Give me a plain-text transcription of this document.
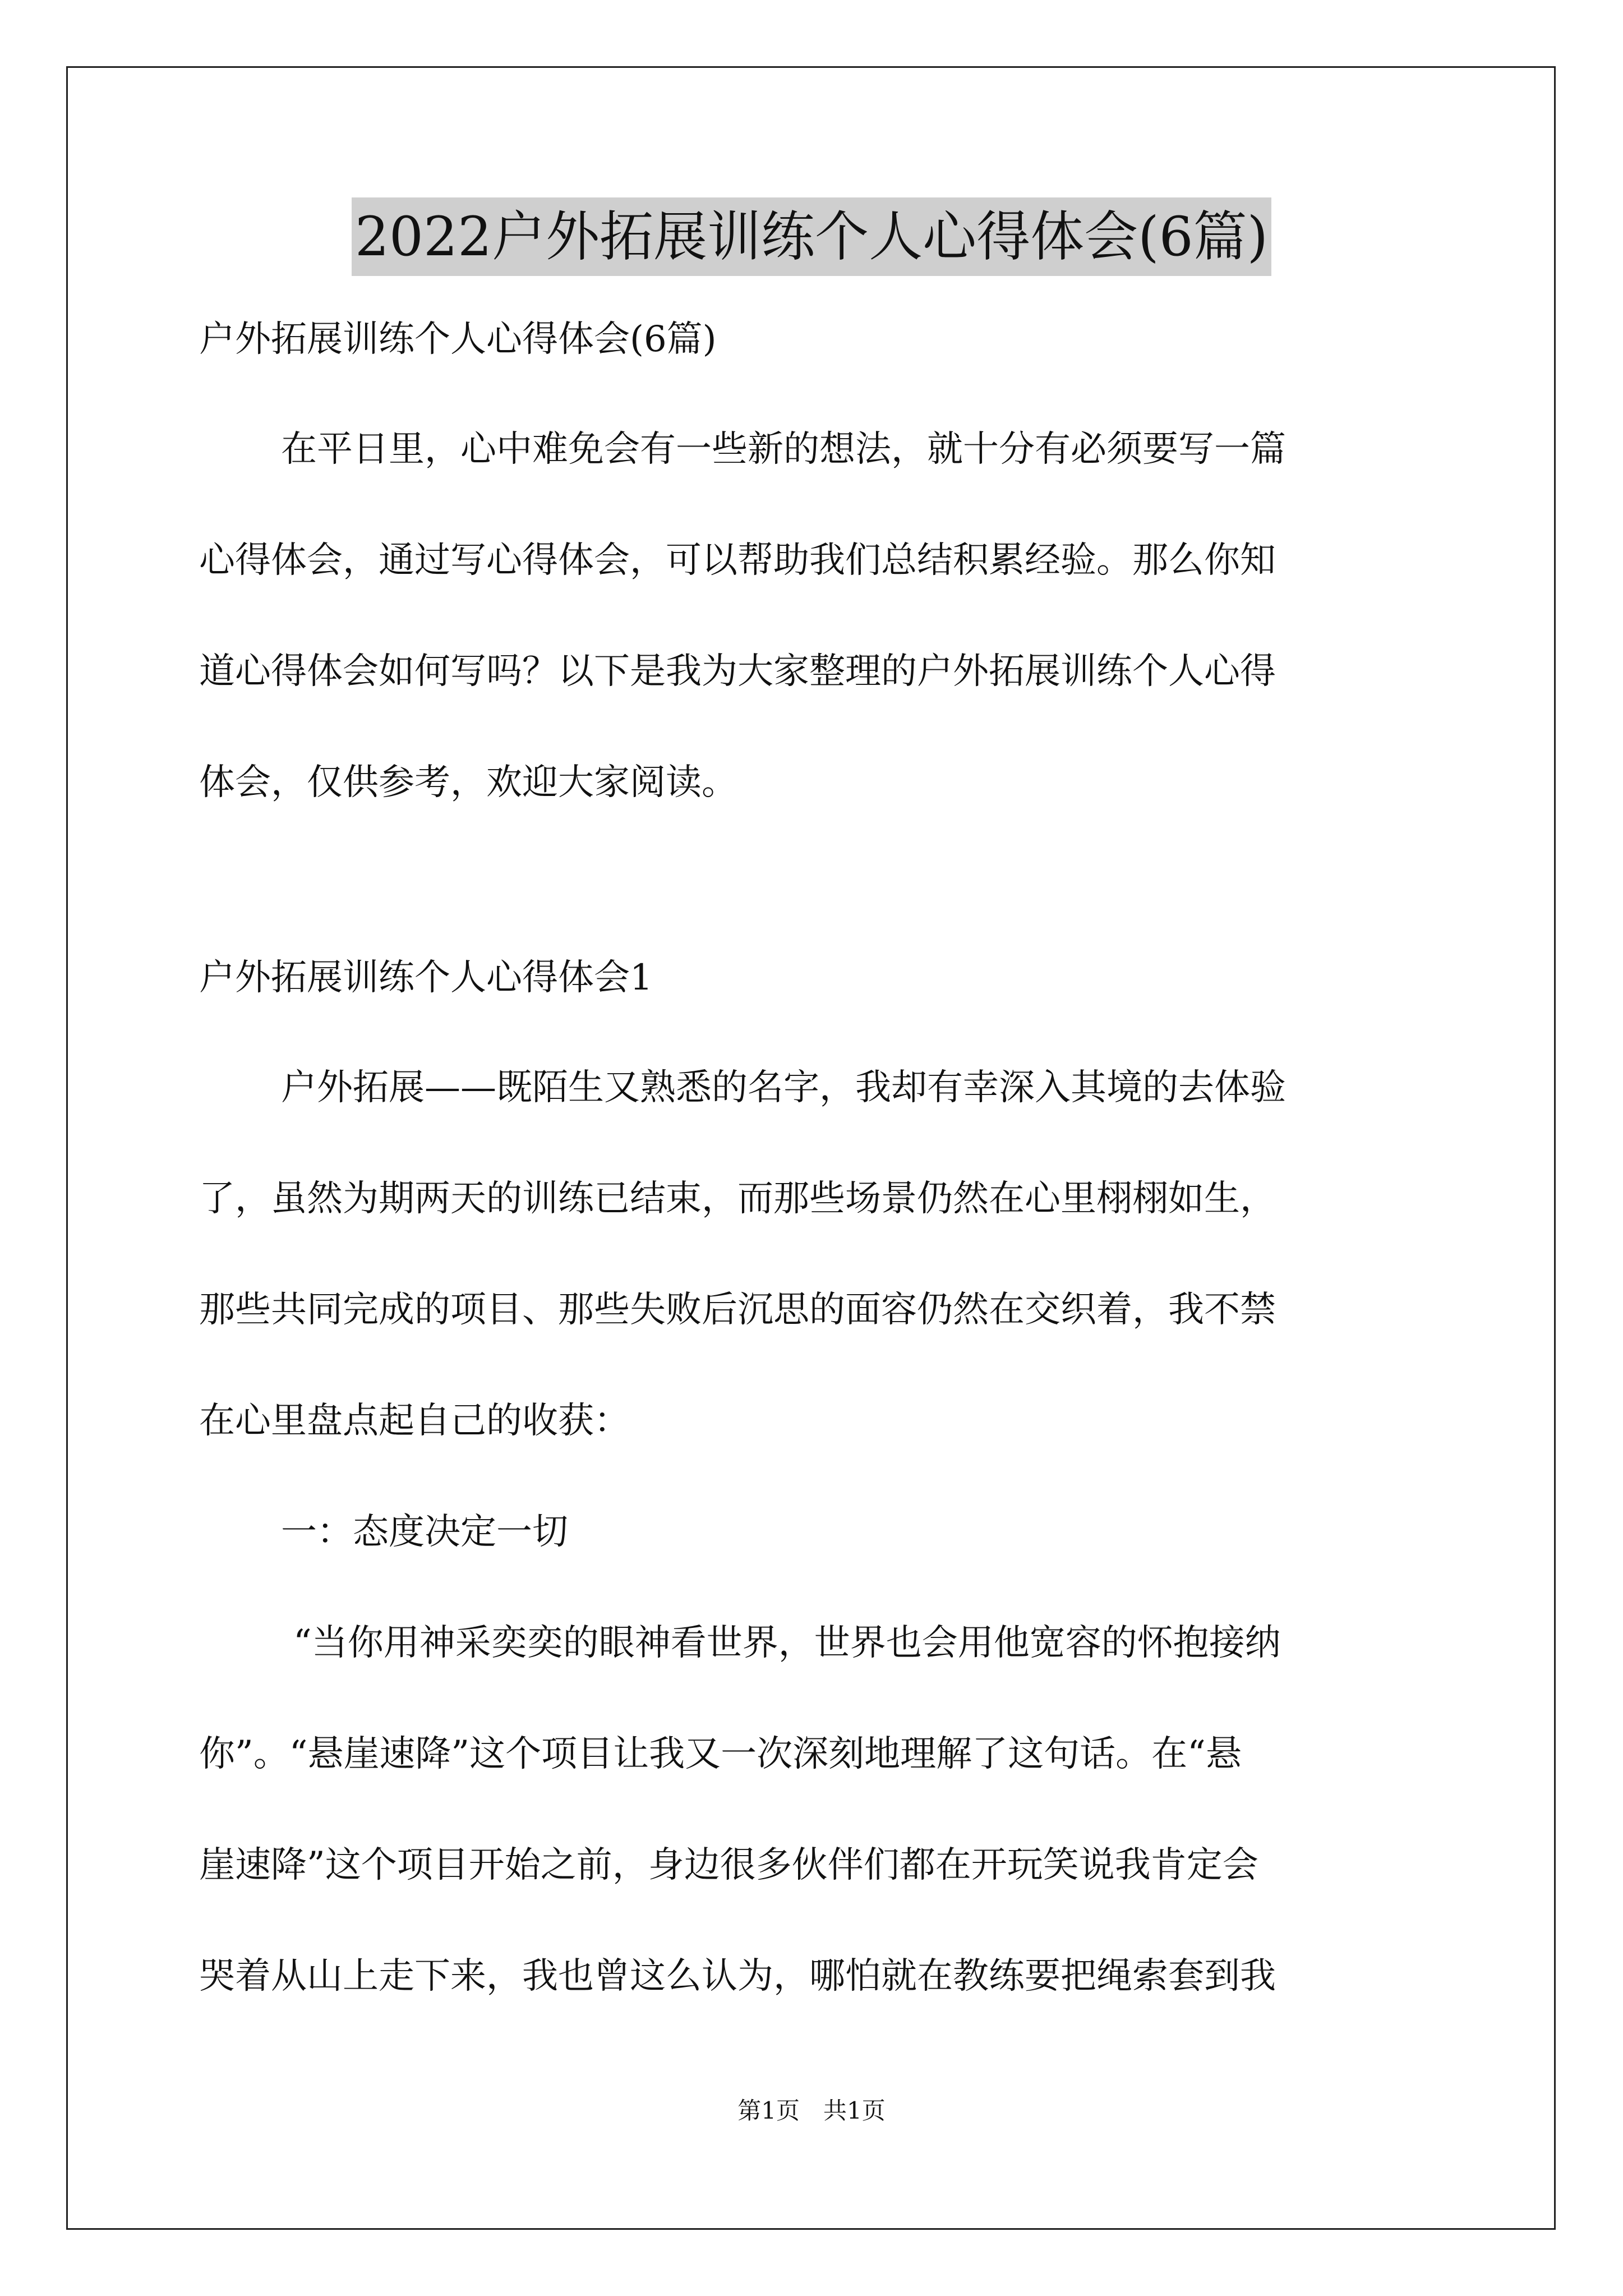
2022户外拓展训练个人心得体会(6篇)

户外拓展训练个人心得体会(6篇)

在平日里，心中难免会有一些新的想法，就十分有必须要写一篇

心得体会，通过写心得体会，可以帮助我们总结积累经验。那么你知

道心得体会如何写吗？以下是我为大家整理的户外拓展训练个人心得

体会，仅供参考，欢迎大家阅读。

户外拓展训练个人心得体会1

户外拓展——既陌生又熟悉的名字，我却有幸深入其境的去体验

了，虽然为期两天的训练已结束，而那些场景仍然在心里栩栩如生，

那些共同完成的项目、那些失败后沉思的面容仍然在交织着，我不禁

在心里盘点起自己的收获：

一：态度决定一切

“当你用神采奕奕的眼神看世界，世界也会用他宽容的怀抱接纳

你”。“悬崖速降”这个项目让我又一次深刻地理解了这句话。在“悬

崖速降”这个项目开始之前，身边很多伙伴们都在开玩笑说我肯定会

哭着从山上走下来，我也曾这么认为，哪怕就在教练要把绳索套到我

第1页　共1页
